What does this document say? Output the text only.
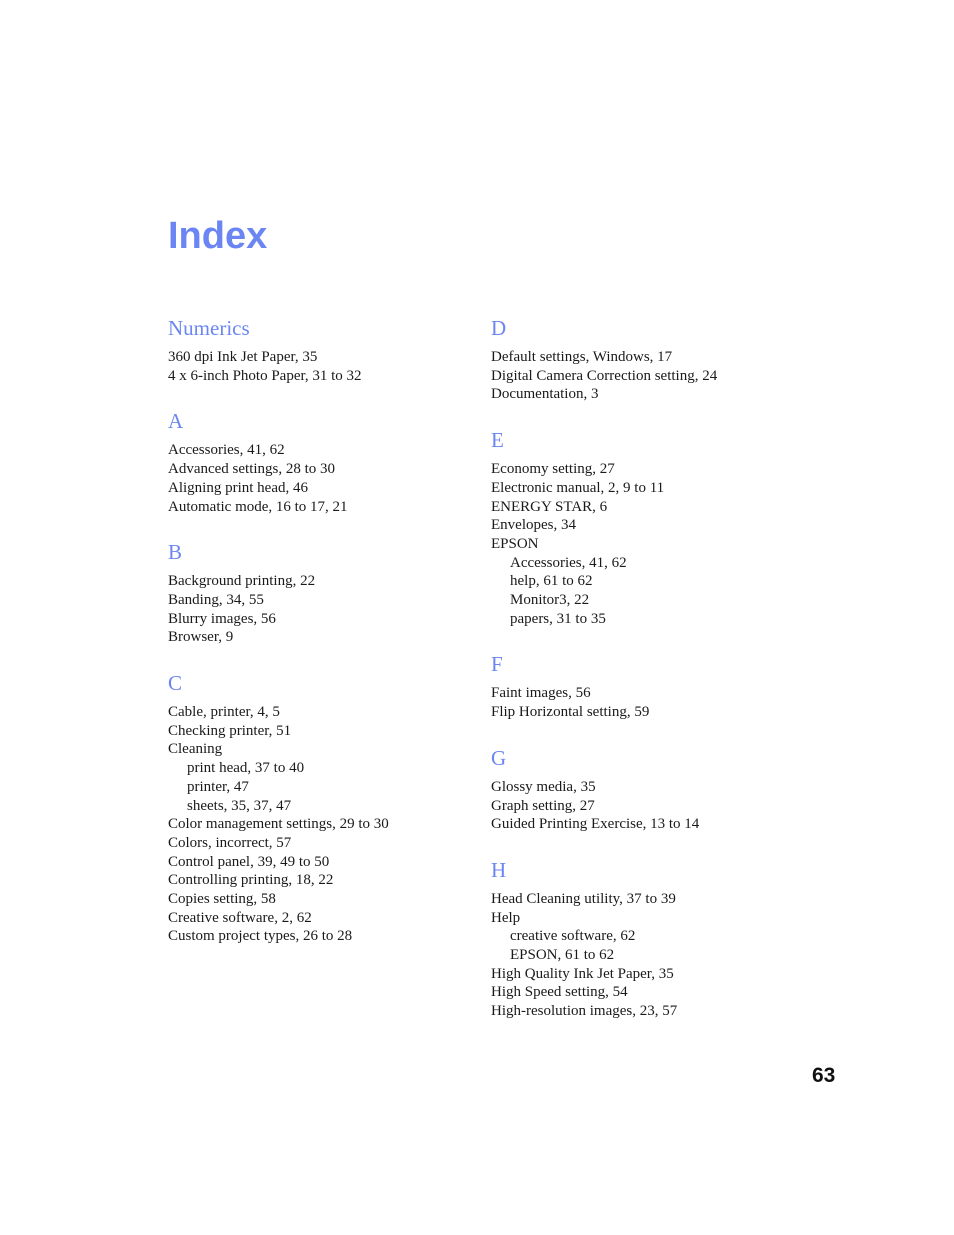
Index
Numerics
360 dpi Ink Jet Paper, 35
4 x 6-inch Photo Paper, 31 to 32
A
Accessories, 41, 62
Advanced settings, 28 to 30
Aligning print head, 46
Automatic mode, 16 to 17, 21
B
Background printing, 22
Banding, 34, 55
Blurry images, 56
Browser, 9
C
Cable, printer, 4, 5
Checking printer, 51
Cleaning
print head, 37 to 40
printer, 47
sheets, 35, 37, 47
Color management settings, 29 to 30
Colors, incorrect, 57
Control panel, 39, 49 to 50
Controlling printing, 18, 22
Copies setting, 58
Creative software, 2, 62
Custom project types, 26 to 28
D
Default settings, Windows, 17
Digital Camera Correction setting, 24
Documentation, 3
E
Economy setting, 27
Electronic manual, 2, 9 to 11
ENERGY STAR, 6
Envelopes, 34
EPSON
Accessories, 41, 62
help, 61 to 62
Monitor3, 22
papers, 31 to 35
F
Faint images, 56
Flip Horizontal setting, 59
G
Glossy media, 35
Graph setting, 27
Guided Printing Exercise, 13 to 14
H
Head Cleaning utility, 37 to 39
Help
creative software, 62
EPSON, 61 to 62
High Quality Ink Jet Paper, 35
High Speed setting, 54
High-resolution images, 23, 57
63
